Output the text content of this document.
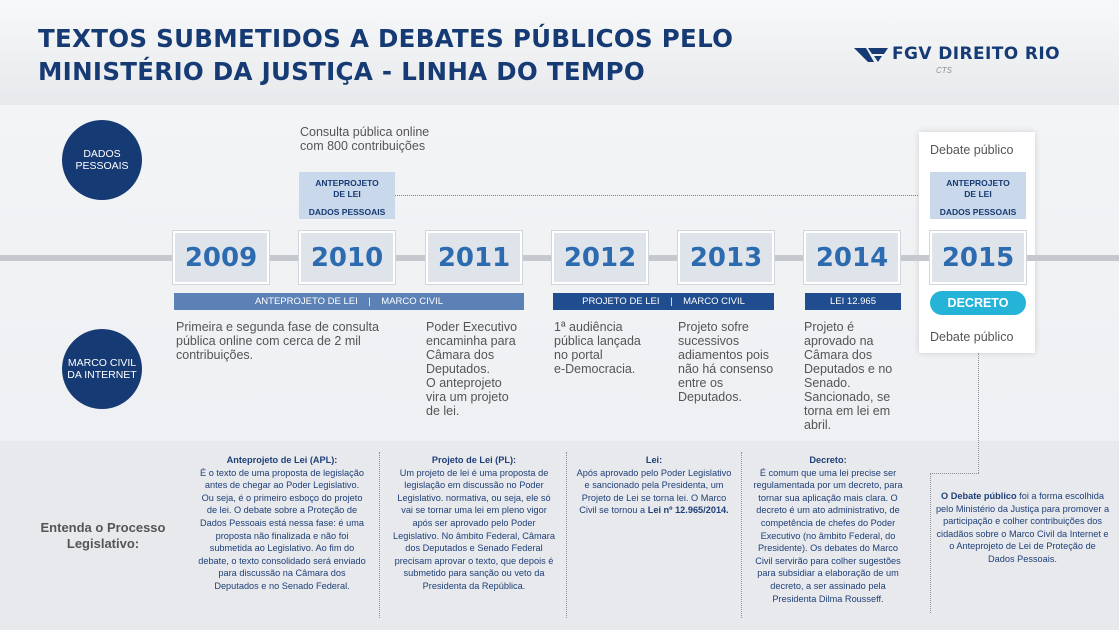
TEXTOS SUBMETIDOS A DEBATES PÚBLICOS PELO MINISTÉRIO DA JUSTIÇA - LINHA DO TEMPO
FGV DIREITO RIO
CTS
DADOS
PESSOAIS
MARCO CIVIL
DA INTERNET
Consulta pública online com 800 contribuições
ANTEPROJETO
DE LEI
DADOS PESSOAIS
Debate público
ANTEPROJETO
DE LEI
DADOS PESSOAIS
2009	2010	2011	2012	2013	2014	2015
ANTEPROJETO DE LEI    |    MARCO CIVIL	PROJETO DE LEI    |    MARCO CIVIL	LEI 12.965	DECRETO
Primeira e segunda fase de consulta
pública online com cerca de 2 mil
contribuições.
Poder Executivo
encaminha para
Câmara dos
Deputados.
O anteprojeto
vira um projeto
de lei.
1ª audiência
pública lançada
no portal
e-Democracia.
Projeto sofre
sucessivos
adiamentos pois
não há consenso
entre os
Deputados.
Projeto é
aprovado na
Câmara dos
Deputados e no
Senado.
Sancionado, se
torna em lei em
abril.
Debate público
Entenda o Processo
Legislativo:
Anteprojeto de Lei (APL):
É o texto de uma proposta de legislação antes de chegar ao Poder Legislativo. Ou seja, é o primeiro esboço do projeto de lei. O debate sobre a Proteção de Dados Pessoais está nessa fase: é uma proposta não finalizada e não foi submetida ao Legislativo. Ao fim do debate, o texto consolidado será enviado para discussão na Câmara dos Deputados e no Senado Federal.
Projeto de Lei (PL):
Um projeto de lei é uma proposta de legislação em discussão no Poder Legislativo. normativa, ou seja, ele só vai se tornar uma lei em pleno vigor após ser aprovado pelo Poder Legislativo. No âmbito Federal, Câmara dos Deputados e Senado Federal precisam aprovar o texto, que depois é submetido para sanção ou veto da Presidenta da República.
Lei:
Após aprovado pelo Poder Legislativo e sancionado pela Presidenta, um Projeto de Lei se torna lei. O Marco Civil se tornou a Lei nº 12.965/2014.
Decreto:
É comum que uma lei precise ser regulamentada por um decreto, para tornar sua aplicação mais clara. O decreto é um ato administrativo, de competência de chefes do Poder Executivo (no âmbito Federal, do Presidente). Os debates do Marco Civil servirão para colher sugestões para subsidiar a elaboração de um decreto, a ser assinado pela Presidenta Dilma Rousseff.
O Debate público foi a forma escolhida pelo Ministério da Justiça para promover a participação e colher contribuições dos cidadãos sobre o Marco Civil da Internet e o Anteprojeto de Lei de Proteção de Dados Pessoais.
